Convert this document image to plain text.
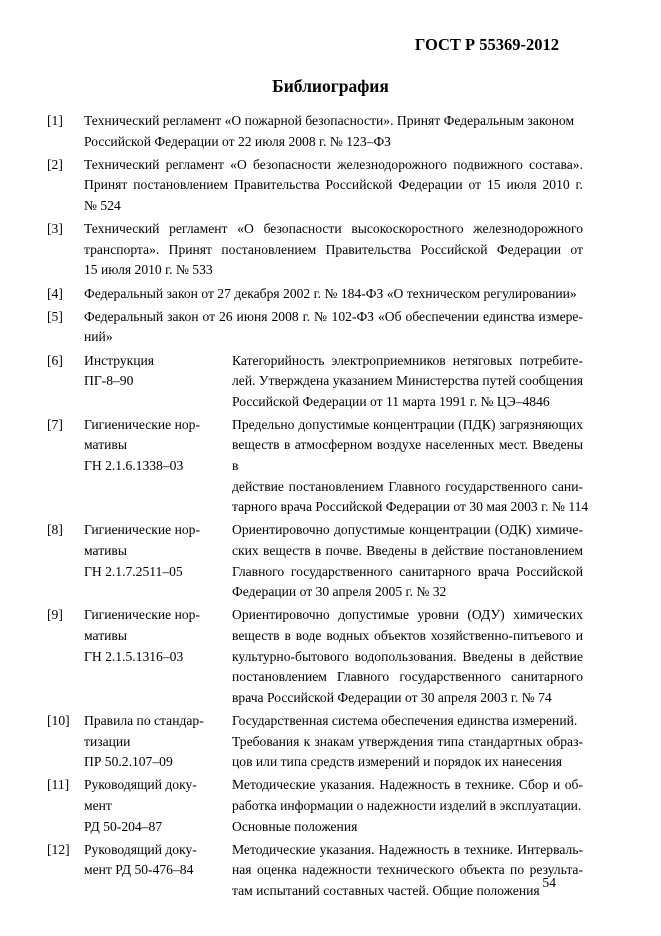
ГОСТ Р 55369-2012
Библиография
[1] Технический регламент «О пожарной безопасности». Принят Федеральным законом
Российской Федерации от 22 июля 2008 г. № 123–ФЗ
[2] Технический регламент «О безопасности железнодорожного подвижного состава».
Принят постановлением Правительства Российской Федерации от 15 июля 2010 г.
№ 524
[3] Технический регламент «О безопасности высокоскоростного железнодорожного
транспорта». Принят постановлением Правительства Российской Федерации от
15 июля 2010 г. № 533
[4] Федеральный закон от 27 декабря 2002 г. № 184-ФЗ «О техническом регулировании»
[5] Федеральный закон от 26 июня 2008 г. № 102-ФЗ «Об обеспечении единства измере-
ний»
[6] Инструкция
ПГ-8–90
Категорийность электроприемников нетяговых потребите-
лей. Утверждена указанием Министерства путей сообщения
Российской Федерации от 11 марта 1991 г. № ЦЭ–4846
[7] Гигиенические нор-
мативы
ГН 2.1.6.1338–03
Предельно допустимые концентрации (ПДК) загрязняющих
веществ в атмосферном воздухе населенных мест. Введены в
действие постановлением Главного государственного сани-
тарного врача Российской Федерации от 30 мая 2003 г. № 114
[8] Гигиенические нор-
мативы
ГН 2.1.7.2511–05
Ориентировочно допустимые концентрации (ОДК) химиче-
ских веществ в почве. Введены в действие постановлением
Главного государственного санитарного врача Российской
Федерации от 30 апреля 2005 г. № 32
[9] Гигиенические нор-
мативы
ГН 2.1.5.1316–03
Ориентировочно допустимые уровни (ОДУ) химических
веществ в воде водных объектов хозяйственно-питьевого и
культурно-бытового водопользования. Введены в действие
постановлением Главного государственного санитарного
врача Российской Федерации от 30 апреля 2003 г. № 74
[10] Правила по стандар-
тизации
ПР 50.2.107–09
Государственная система обеспечения единства измерений.
Требования к знакам утверждения типа стандартных образ-
цов или типа средств измерений и порядок их нанесения
[11] Руководящий доку-
мент
РД 50-204–87
Методические указания. Надежность в технике. Сбор и об-
работка информации о надежности изделий в эксплуатации.
Основные положения
[12] Руководящий доку-
мент РД 50-476–84
Методические указания. Надежность в технике. Интерваль-
ная оценка надежности технического объекта по результа-
там испытаний составных частей. Общие положения
54
